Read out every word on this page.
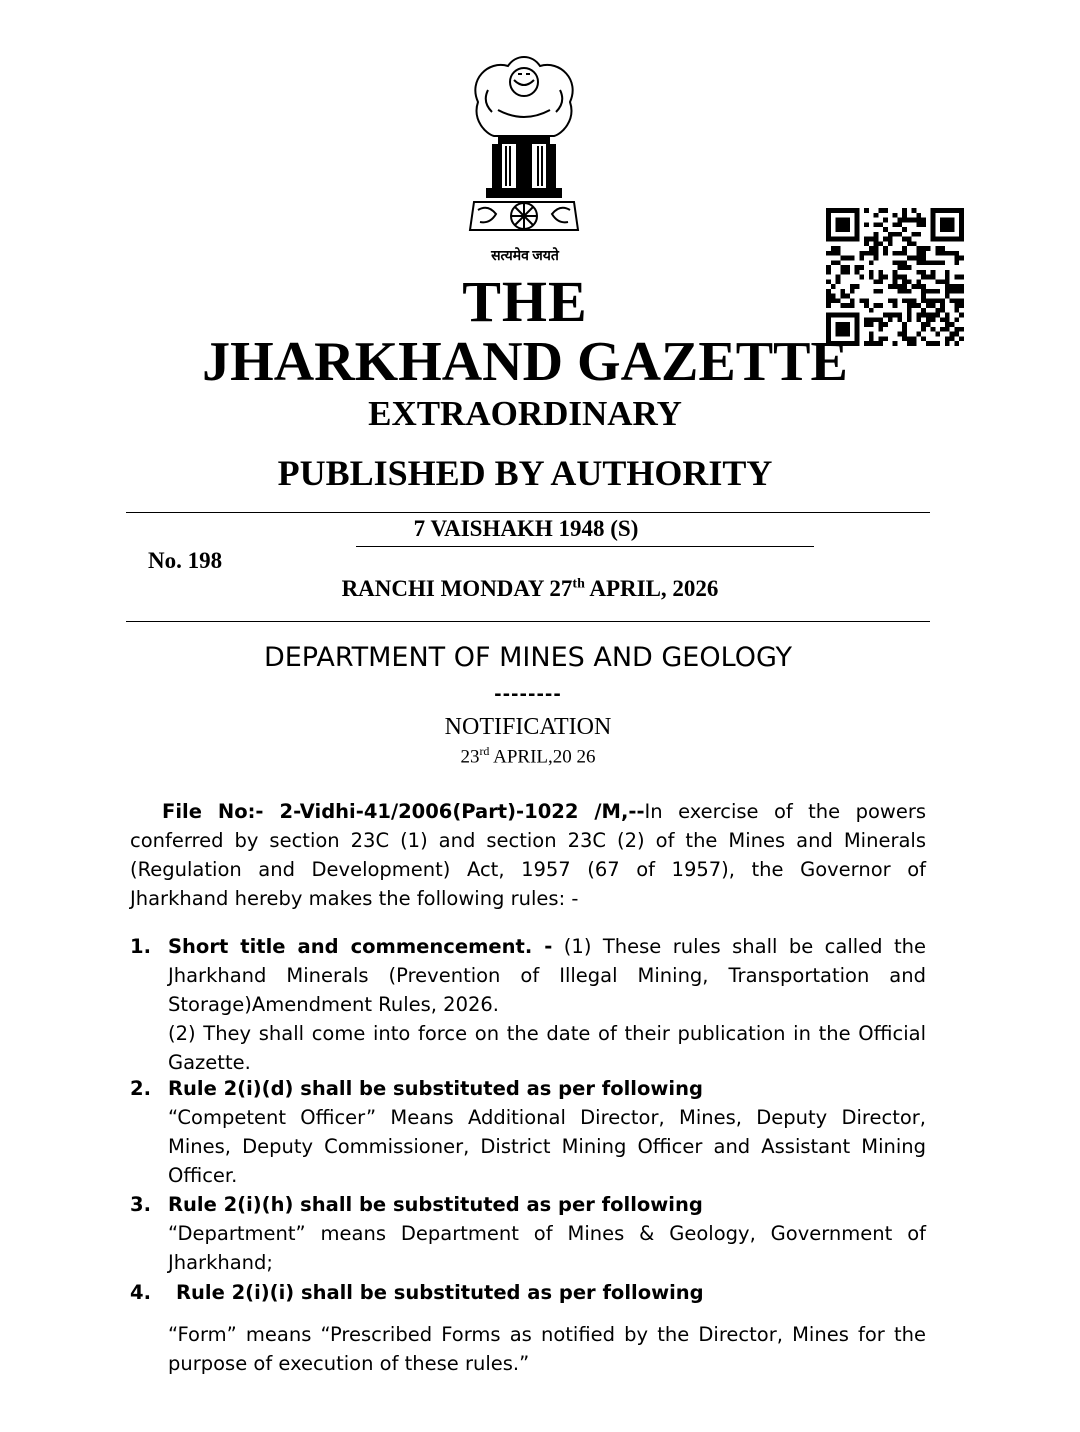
सत्यमेव जयते
THE
JHARKHAND GAZETTE
EXTRAORDINARY
PUBLISHED BY AUTHORITY
7 VAISHAKH 1948 (S)
No. 198
RANCHI MONDAY 27th APRIL, 2026
DEPARTMENT OF MINES AND GEOLOGY
--------
NOTIFICATION
23rd APRIL,20 26
File No:- 2-Vidhi-41/2006(Part)-1022 /M,--In exercise of the powers conferred by section 23C (1) and section 23C (2) of the Mines and Minerals (Regulation and Development) Act, 1957 (67 of 1957), the Governor of Jharkhand hereby makes the following rules: -
1. Short title and commencement. - (1) These rules shall be called the Jharkhand Minerals (Prevention of Illegal Mining, Transportation and Storage)Amendment Rules, 2026.
(2) They shall come into force on the date of their publication in the Official Gazette.
2. Rule 2(i)(d) shall be substituted as per following
“Competent Officer” Means Additional Director, Mines, Deputy Director, Mines, Deputy Commissioner, District Mining Officer and Assistant Mining Officer.
3. Rule 2(i)(h) shall be substituted as per following
“Department” means Department of Mines & Geology, Government of Jharkhand;
4. Rule 2(i)(i) shall be substituted as per following
“Form” means “Prescribed Forms as notified by the Director, Mines for the purpose of execution of these rules.”
